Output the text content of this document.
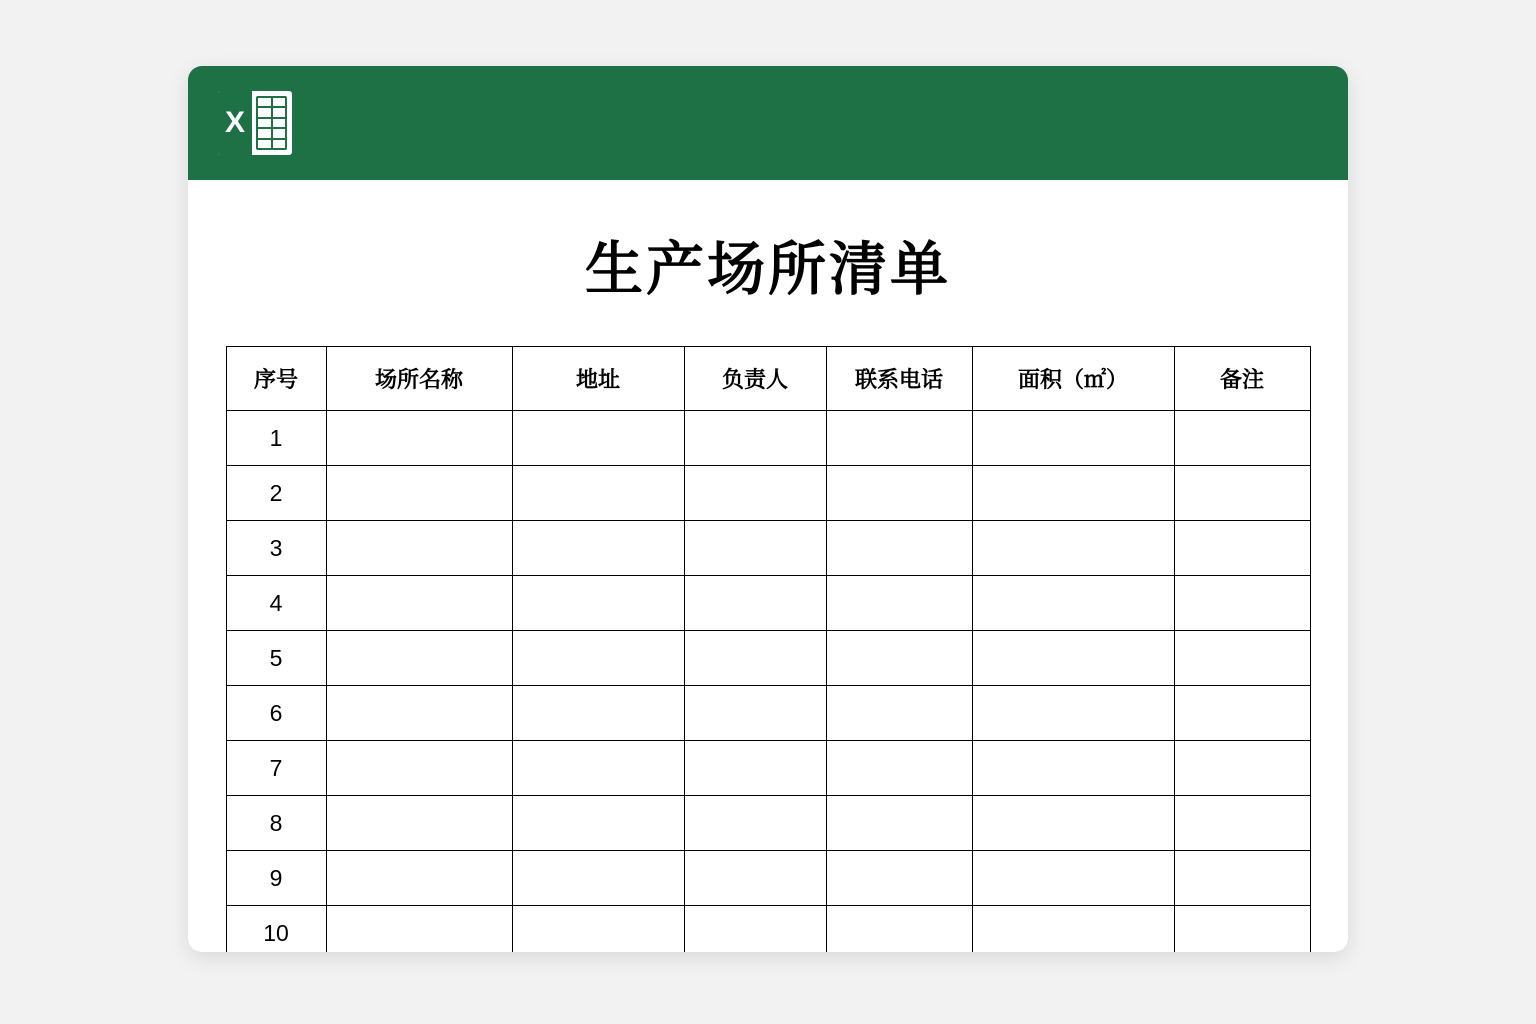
X
生产场所清单
序号	场所名称	地址	负责人	联系电话	面积（㎡）	备注
1						
2						
3						
4						
5						
6						
7						
8						
9						
10						
